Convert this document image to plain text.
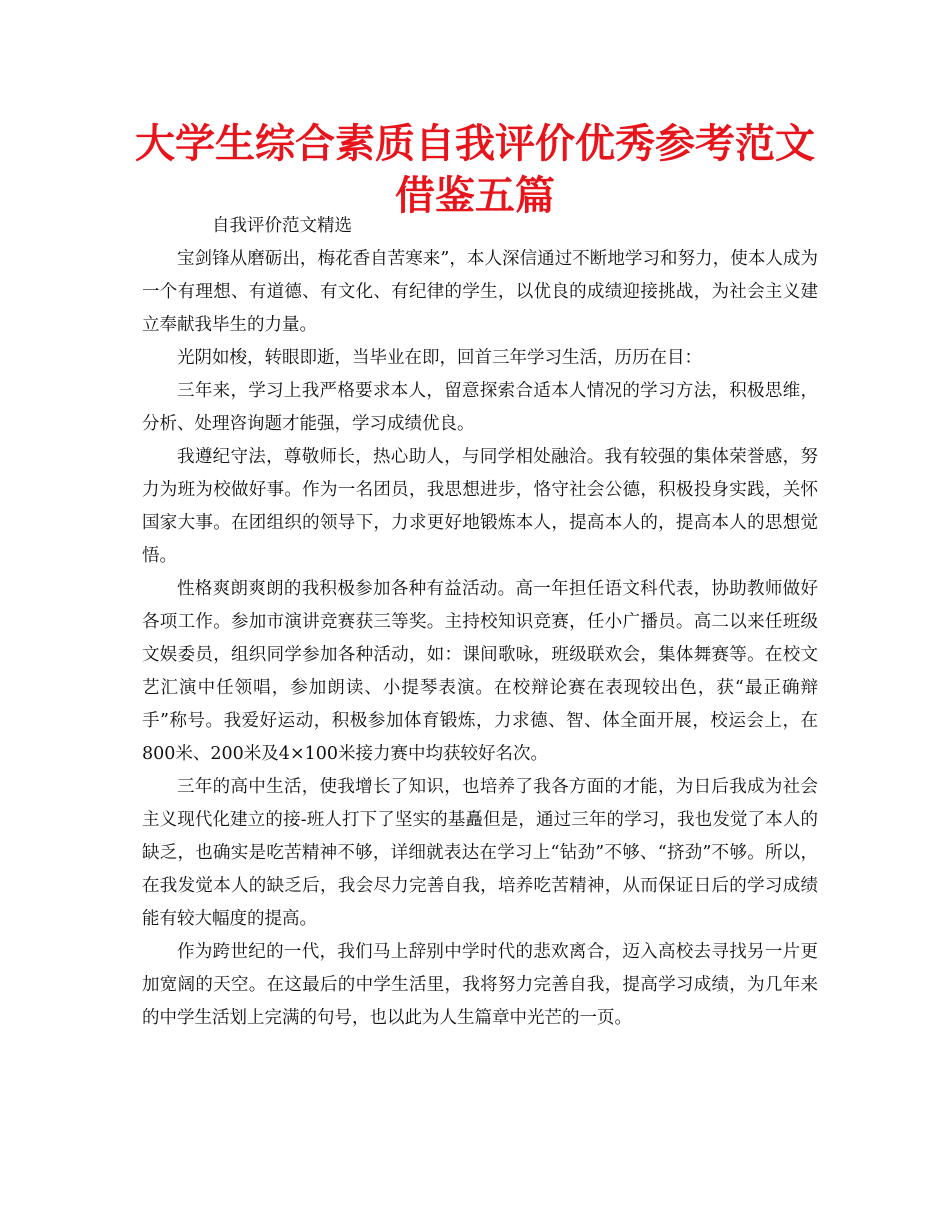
大学生综合素质自我评价优秀参考范文借鉴五篇

自我评价范文精选

宝剑锋从磨砺出，梅花香自苦寒来”，本人深信通过不断地学习和努力，使本人成为一个有理想、有道德、有文化、有纪律的学生，以优良的成绩迎接挑战，为社会主义建立奉献我毕生的力量。

光阴如梭，转眼即逝，当毕业在即，回首三年学习生活，历历在目：

三年来，学习上我严格要求本人，留意探索合适本人情况的学习方法，积极思维，分析、处理咨询题才能强，学习成绩优良。

我遵纪守法，尊敬师长，热心助人，与同学相处融洽。我有较强的集体荣誉感，努力为班为校做好事。作为一名团员，我思想进步，恪守社会公德，积极投身实践，关怀国家大事。在团组织的领导下，力求更好地锻炼本人，提高本人的，提高本人的思想觉悟。

性格爽朗爽朗的我积极参加各种有益活动。高一年担任语文科代表，协助教师做好各项工作。参加市演讲竞赛获三等奖。主持校知识竞赛，任小广播员。高二以来任班级文娱委员，组织同学参加各种活动，如：课间歌咏，班级联欢会，集体舞赛等。在校文艺汇演中任领唱，参加朗读、小提琴表演。在校辩论赛在表现较出色，获“最正确辩手”称号。我爱好运动，积极参加体育锻炼，力求德、智、体全面开展，校运会上，在800米、200米及4×100米接力赛中均获较好名次。

三年的高中生活，使我增长了知识，也培养了我各方面的才能，为日后我成为社会主义现代化建立的接-班人打下了坚实的基矗但是，通过三年的学习，我也发觉了本人的缺乏，也确实是吃苦精神不够，详细就表达在学习上“钻劲”不够、“挤劲”不够。所以，在我发觉本人的缺乏后，我会尽力完善自我，培养吃苦精神，从而保证日后的学习成绩能有较大幅度的提高。

作为跨世纪的一代，我们马上辞别中学时代的悲欢离合，迈入高校去寻找另一片更加宽阔的天空。在这最后的中学生活里，我将努力完善自我，提高学习成绩，为几年来的中学生活划上完满的句号，也以此为人生篇章中光芒的一页。
